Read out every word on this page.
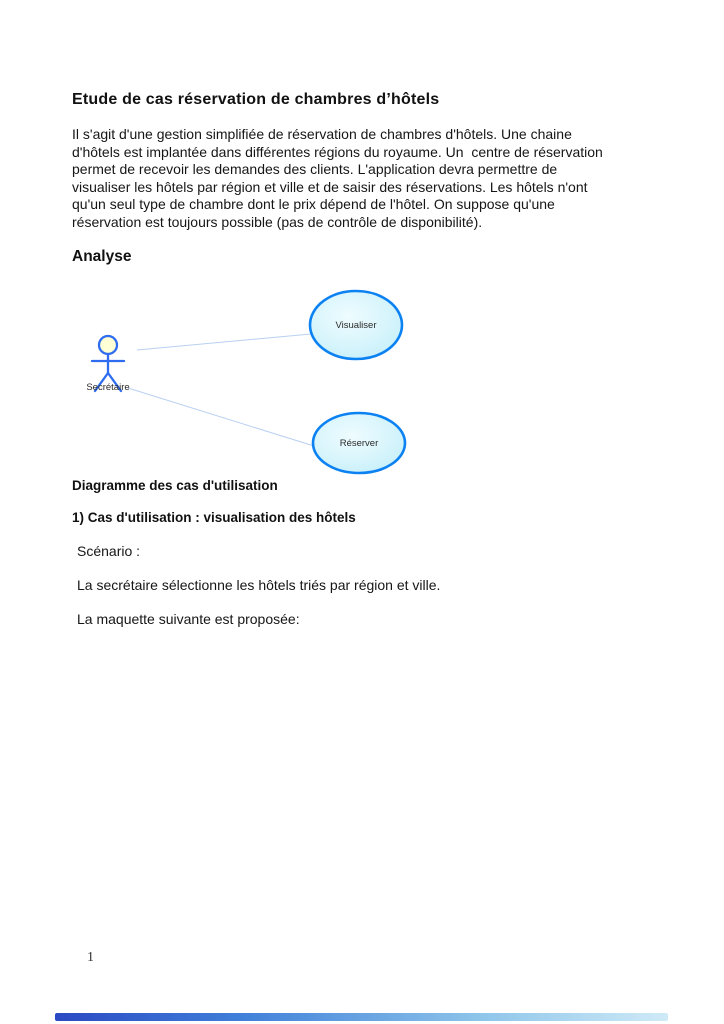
Etude de cas réservation de chambres d’hôtels
Il s'agit d'une gestion simplifiée de réservation de chambres d'hôtels. Une chaine
d'hôtels est implantée dans différentes régions du royaume. Un  centre de réservation
permet de recevoir les demandes des clients. L'application devra permettre de
visualiser les hôtels par région et ville et de saisir des réservations. Les hôtels n'ont
qu'un seul type de chambre dont le prix dépend de l'hôtel. On suppose qu'une
réservation est toujours possible (pas de contrôle de disponibilité).
Analyse
Secrétaire
Visualiser
Réserver
Diagramme des cas d'utilisation
1) Cas d'utilisation : visualisation des hôtels
Scénario :
La secrétaire sélectionne les hôtels triés par région et ville.
La maquette suivante est proposée:
1
